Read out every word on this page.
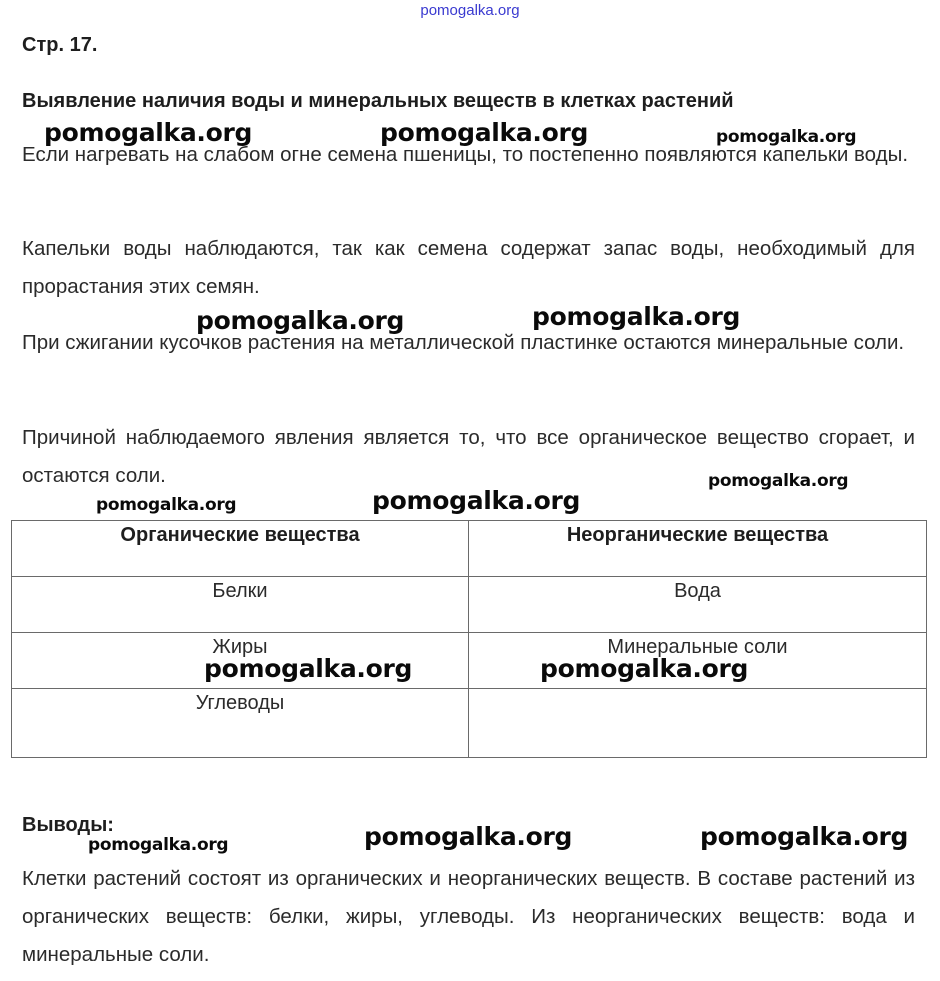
pomogalka.org
Стр. 17.
Выявление наличия воды и минеральных веществ в клетках растений
Если нагревать на слабом огне семена пшеницы, то постепенно появляются капельки воды.
Капельки воды наблюдаются, так как семена содержат запас воды, необходимый для прорастания этих семян.
При сжигании кусочков растения на металлической пластинке остаются минеральные соли.
Причиной наблюдаемого явления является то, что все органическое вещество сгорает, и остаются соли.
Органические вещества	Неорганические вещества
Белки	Вода
Жиры	Минеральные соли
Углеводы	
Выводы:
Клетки растений состоят из органических и неорганических веществ. В составе растений из органических веществ: белки, жиры, углеводы. Из неорганических веществ: вода и минеральные соли.
pomogalka.org	pomogalka.org	pomogalka.org
pomogalka.org	pomogalka.org
pomogalka.org	pomogalka.org
pomogalka.org
pomogalka.org	pomogalka.org
pomogalka.org	pomogalka.org	pomogalka.org
